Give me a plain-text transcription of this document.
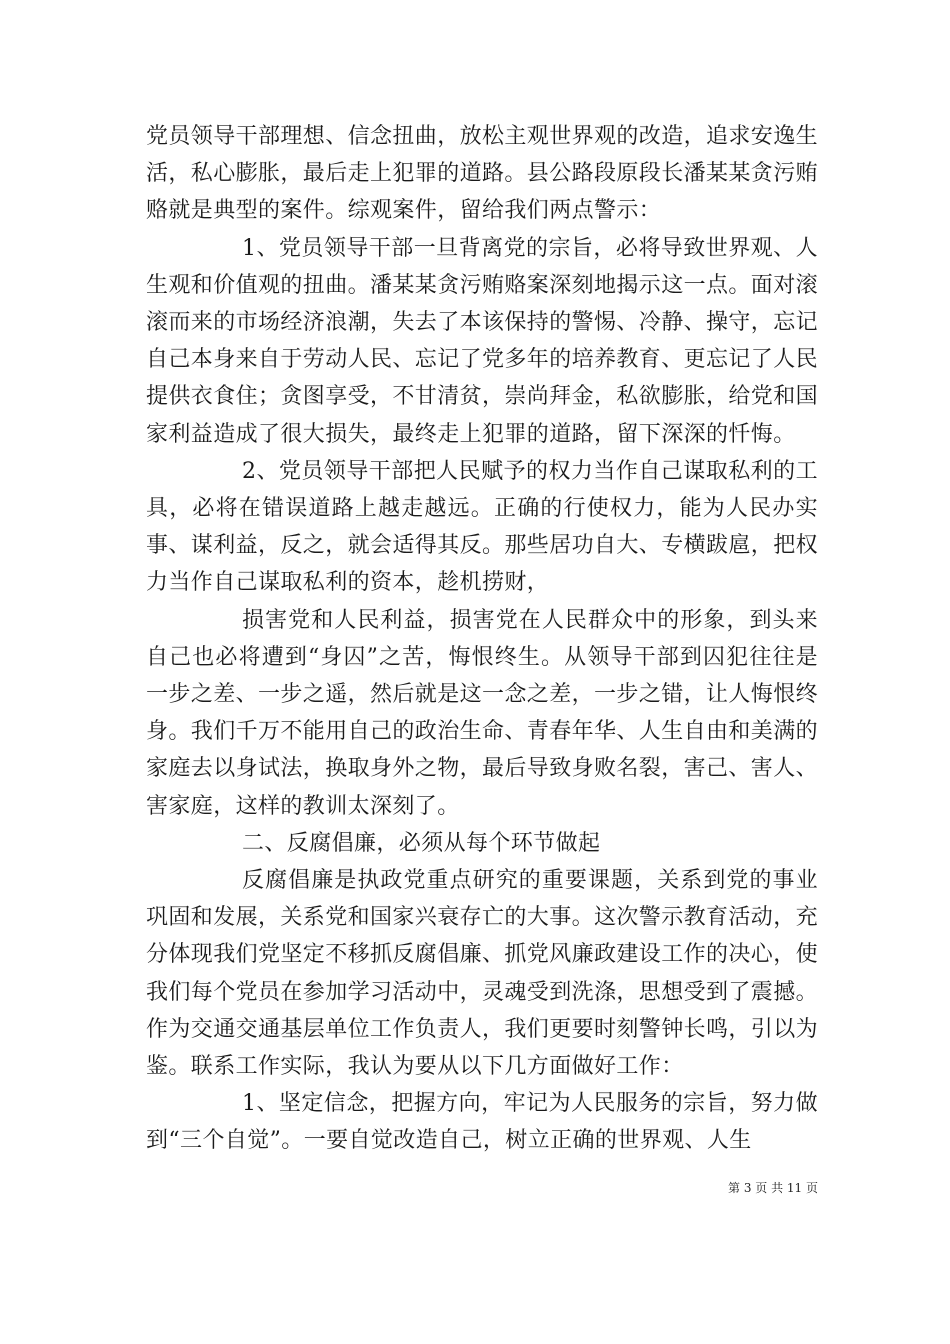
党员领导干部理想、信念扭曲，放松主观世界观的改造，追求安逸生活，私心膨胀，最后走上犯罪的道路。县公路段原段长潘某某贪污贿赂就是典型的案件。综观案件，留给我们两点警示：

1、党员领导干部一旦背离党的宗旨，必将导致世界观、人生观和价值观的扭曲。潘某某贪污贿赂案深刻地揭示这一点。面对滚滚而来的市场经济浪潮，失去了本该保持的警惕、冷静、操守，忘记自己本身来自于劳动人民、忘记了党多年的培养教育、更忘记了人民提供衣食住；贪图享受，不甘清贫，崇尚拜金，私欲膨胀，给党和国家利益造成了很大损失，最终走上犯罪的道路，留下深深的忏悔。

2、党员领导干部把人民赋予的权力当作自己谋取私利的工具，必将在错误道路上越走越远。正确的行使权力，能为人民办实事、谋利益，反之，就会适得其反。那些居功自大、专横跋扈，把权力当作自己谋取私利的资本，趁机捞财，

损害党和人民利益，损害党在人民群众中的形象，到头来自己也必将遭到“身囚”之苦，悔恨终生。从领导干部到囚犯往往是一步之差、一步之遥，然后就是这一念之差，一步之错，让人悔恨终身。我们千万不能用自己的政治生命、青春年华、人生自由和美满的家庭去以身试法，换取身外之物，最后导致身败名裂，害己、害人、害家庭，这样的教训太深刻了。

二、反腐倡廉，必须从每个环节做起

反腐倡廉是执政党重点研究的重要课题，关系到党的事业巩固和发展，关系党和国家兴衰存亡的大事。这次警示教育活动，充分体现我们党坚定不移抓反腐倡廉、抓党风廉政建设工作的决心，使我们每个党员在参加学习活动中，灵魂受到洗涤，思想受到了震撼。作为交通交通基层单位工作负责人，我们更要时刻警钟长鸣，引以为鉴。联系工作实际，我认为要从以下几方面做好工作：

1、坚定信念，把握方向，牢记为人民服务的宗旨，努力做到“三个自觉”。一要自觉改造自己，树立正确的世界观、人生

第 3 页 共 11 页
